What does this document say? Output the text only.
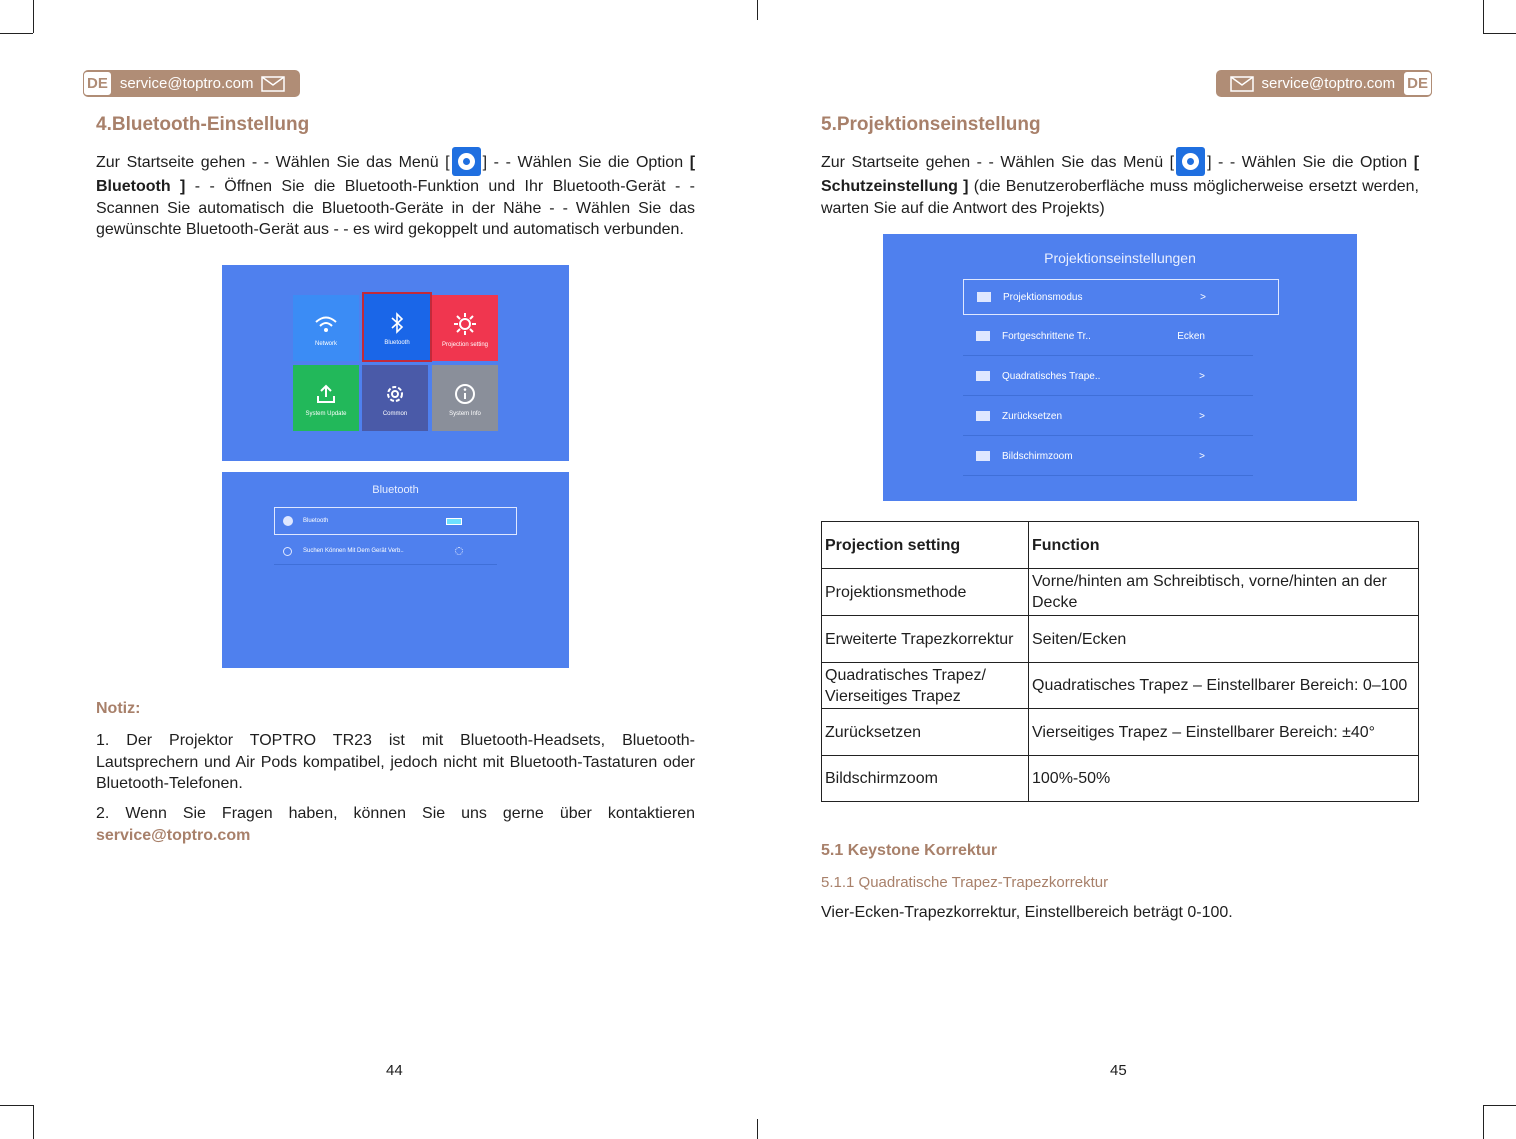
DE service@toptro.com
4.Bluetooth-Einstellung
Zur Startseite gehen - - Wählen Sie das Menü [ ] - - Wählen Sie die Option [ Bluetooth ] - - Öffnen Sie die Bluetooth-Funktion und Ihr Bluetooth-Gerät - - Scannen Sie automatisch die Bluetooth-Geräte in der Nähe - - Wählen Sie das gewünschte Bluetooth-Gerät aus - - es wird gekoppelt und automatisch verbunden.
Network	Bluetooth	Projection setting
System Update	Common	System Info
Bluetooth
Bluetooth
Suchen Können Mit Dem Gerät Verb..
Notiz:
1. Der Projektor TOPTRO TR23 ist mit Bluetooth-Headsets, Bluetooth-Lautsprechern und Air Pods kompatibel, jedoch nicht mit Bluetooth-Tastaturen oder Bluetooth-Telefonen.
2. Wenn Sie Fragen haben, können Sie uns gerne über kontaktieren service@toptro.com
44
service@toptro.com DE
5.Projektionseinstellung
Zur Startseite gehen - - Wählen Sie das Menü [ ] - - Wählen Sie die Option [ Schutzeinstellung ] (die Benutzeroberfläche muss möglicherweise ersetzt werden, warten Sie auf die Antwort des Projekts)
Projektionseinstellungen
Projektionsmodus	>
Fortgeschrittene Tr..	Ecken
Quadratisches Trape..	>
Zurücksetzen	>
Bildschirmzoom	>
Projection setting	Function
Projektionsmethode	Vorne/hinten am Schreibtisch, vorne/hinten an der Decke
Erweiterte Trapezkorrektur	Seiten/Ecken
Quadratisches Trapez/ Vierseitiges Trapez	Quadratisches Trapez – Einstellbarer Bereich: 0–100
Zurücksetzen	Vierseitiges Trapez – Einstellbarer Bereich: ±40°
Bildschirmzoom	100%-50%
5.1 Keystone Korrektur
5.1.1 Quadratische Trapez-Trapezkorrektur
Vier-Ecken-Trapezkorrektur, Einstellbereich beträgt 0-100.
45
